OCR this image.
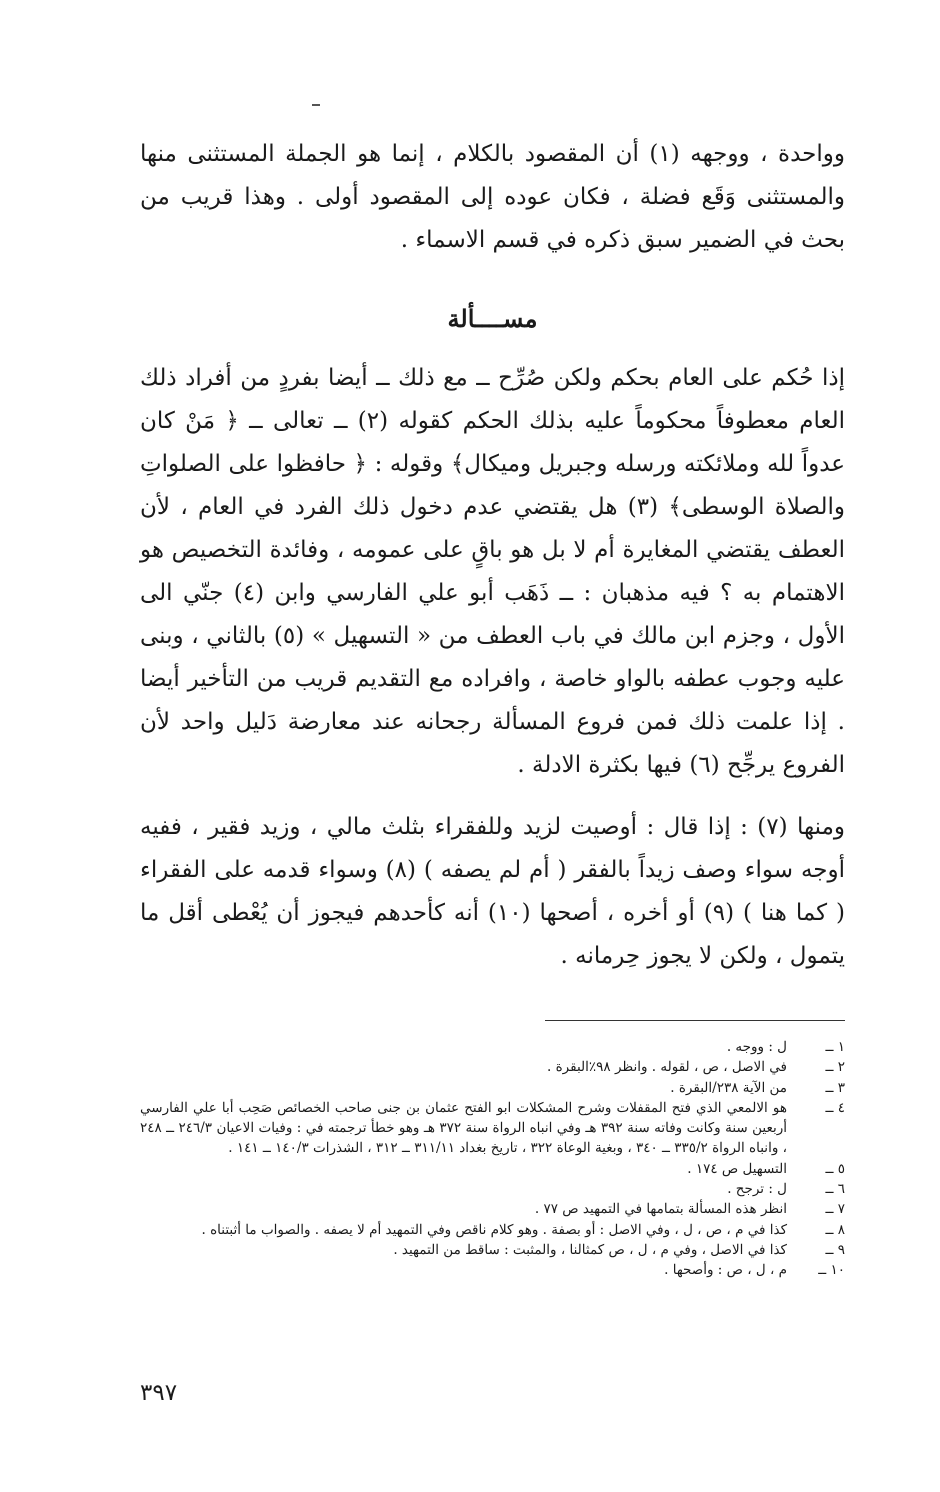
وواحدة ، ووجهه (١) أن المقصود بالكلام ، إنما هو الجملة المستثنى منها والمستثنى وَقَع فضلة ، فكان عوده إلى المقصود أولى . وهذا قريب من بحث في الضمير سبق ذكره في قسم الاسماء .

مســــألة

إذا حُكم على العام بحكم ولكن صُرِّح ــ مع ذلك ــ أيضا بفردٍ من أفراد ذلك العام معطوفاً محكوماً عليه بذلك الحكم كقوله (٢) ــ تعالى ــ ﴿ مَنْ كان عدواً لله وملائكته ورسله وجبريل وميكال﴾ وقوله : ﴿ حافظوا على الصلواتِ والصلاة الوسطى﴾ (٣) هل يقتضي عدم دخول ذلك الفرد في العام ، لأن العطف يقتضي المغايرة أم لا بل هو باقٍ على عمومه ، وفائدة التخصيص هو الاهتمام به ؟ فيه مذهبان : ــ ذَهَب أبو علي الفارسي وابن (٤) جنّي الى الأول ، وجزم ابن مالك في باب العطف من « التسهيل » (٥) بالثاني ، وبنى عليه وجوب عطفه بالواو خاصة ، وافراده مع التقديم قريب من التأخير أيضا . إذا علمت ذلك فمن فروع المسألة رجحانه عند معارضة دَليل واحد لأن الفروع يرجِّح (٦) فيها بكثرة الادلة .

ومنها (٧) : إذا قال : أوصيت لزيد وللفقراء بثلث مالي ، وزيد فقير ، ففيه أوجه سواء وصف زيداً بالفقر ( أم لم يصفه ) (٨) وسواء قدمه على الفقراء ( كما هنا ) (٩) أو أخره ، أصحها (١٠) أنه كأحدهم فيجوز أن يُعْطى أقل ما يتمول ، ولكن لا يجوز حِرمانه .

١ ــ
ل : ووجه .
٢ ــ
في الاصل ، ص ، لقوله . وانظر ٩٨٪البقرة .
٣ ــ
من الآية ٢٣٨/البقرة .
٤ ــ
هو الالمعي الذي فتح المقفلات وشرح المشكلات ابو الفتح عثمان بن جنى صاحب الخصائص صَحِب أبا علي الفارسي أربعين سنة وكانت وفاته سنة ٣٩٢ هـ وفي انباه الرواة سنة ٣٧٢ هـ وهو خطأ ترجمته في : وفيات الاعيان ٢٤٦/٣ ــ ٢٤٨ ، وانباه الرواة ٣٣٥/٢ ــ ٣٤٠ ، وبغية الوعاة ٣٢٢ ، تاريخ بغداد ٣١١/١١ ــ ٣١٢ ، الشذرات ١٤٠/٣ ــ ١٤١ .
٥ ــ
التسهيل ص ١٧٤ .
٦ ــ
ل : ترجح .
٧ ــ
انظر هذه المسألة بتمامها في التمهيد ص ٧٧ .
٨ ــ
كذا في م ، ص ، ل ، وفي الاصل : أو بصفة . وهو كلام ناقص وفي التمهيد أم لا يصفه . والصواب ما أثبتناه .
٩ ــ
كذا في الاصل ، وفي م ، ل ، ص كمثالنا ، والمثبت : ساقط من التمهيد .
١٠ ــ
م ، ل ، ص : وأصحها .

٣٩٧
